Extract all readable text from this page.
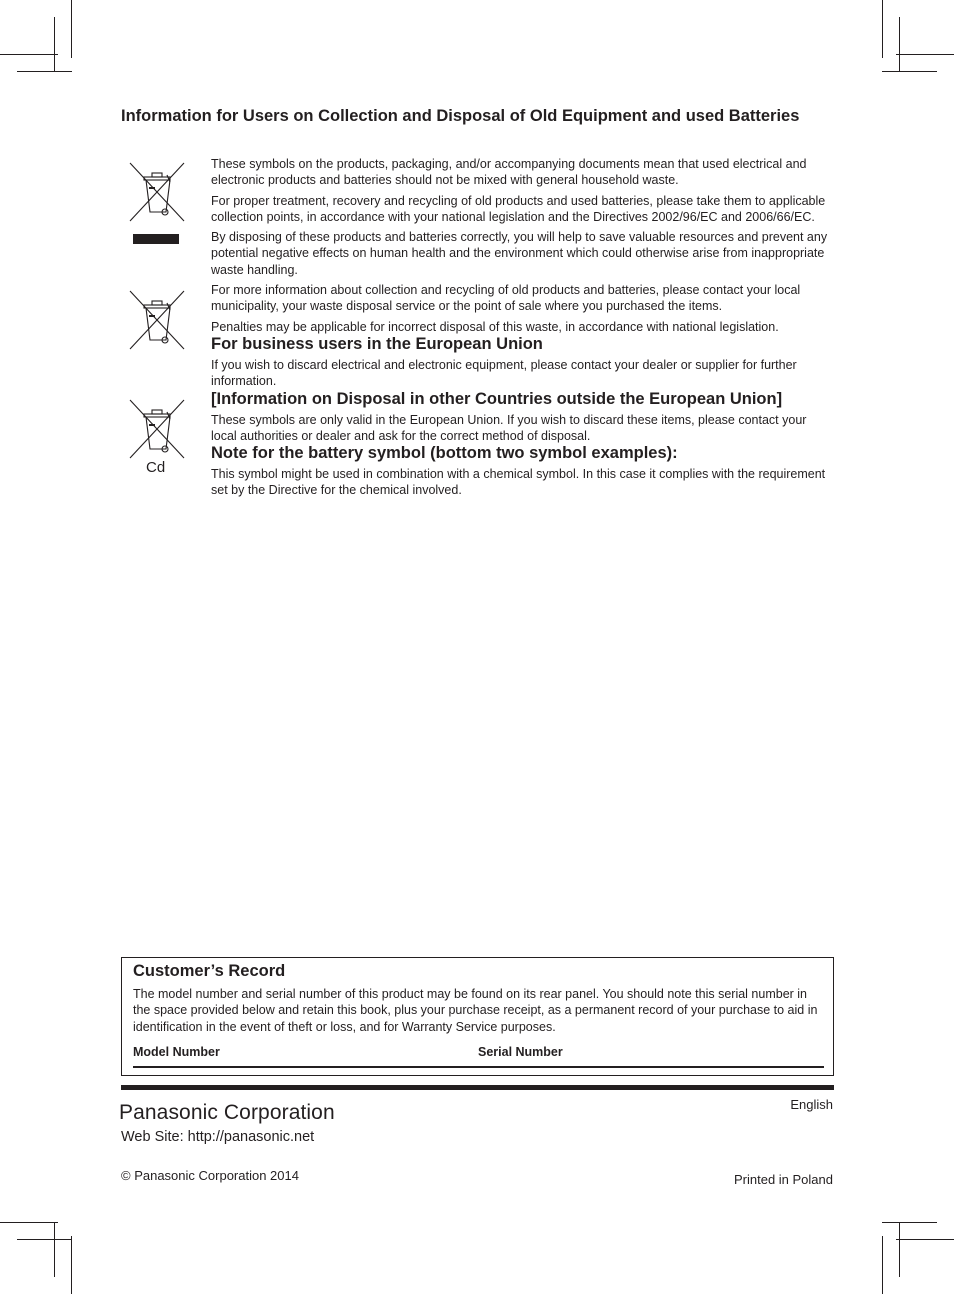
Information for Users on Collection and Disposal of Old Equipment and used Batteries
Cd

These symbols on the products, packaging, and/or accompanying documents mean that used electrical and electronic products and batteries should not be mixed with general household waste.

For proper treatment, recovery and recycling of old products and used batteries, please take them to applicable collection points, in accordance with your national legislation and the Directives 2002/96/EC and 2006/66/EC.

By disposing of these products and batteries correctly, you will help to save valuable resources and prevent any potential negative effects on human health and the environment which could otherwise arise from inappropriate waste handling.

For more information about collection and recycling of old products and batteries, please contact your local municipality, your waste disposal service or the point of sale where you purchased the items.

Penalties may be applicable for incorrect disposal of this waste, in accordance with national legislation.

For business users in the European Union

If you wish to discard electrical and electronic equipment, please contact your dealer or supplier for further information.

[Information on Disposal in other Countries outside the European Union]

These symbols are only valid in the European Union. If you wish to discard these items, please contact your local authorities or dealer and ask for the correct method of disposal.

Note for the battery symbol (bottom two symbol examples):

This symbol might be used in combination with a chemical symbol. In this case it complies with the requirement set by the Directive for the chemical involved.

Customer’s Record
The model number and serial number of this product may be found on its rear panel. You should note this serial number in the space provided below and retain this book, plus your purchase receipt, as a permanent record of your purchase to aid in identification in the event of theft or loss, and for Warranty Service purposes.
Model Number	Serial Number
Panasonic Corporation
Web Site: http://panasonic.net
© Panasonic Corporation 2014
English
Printed in Poland
